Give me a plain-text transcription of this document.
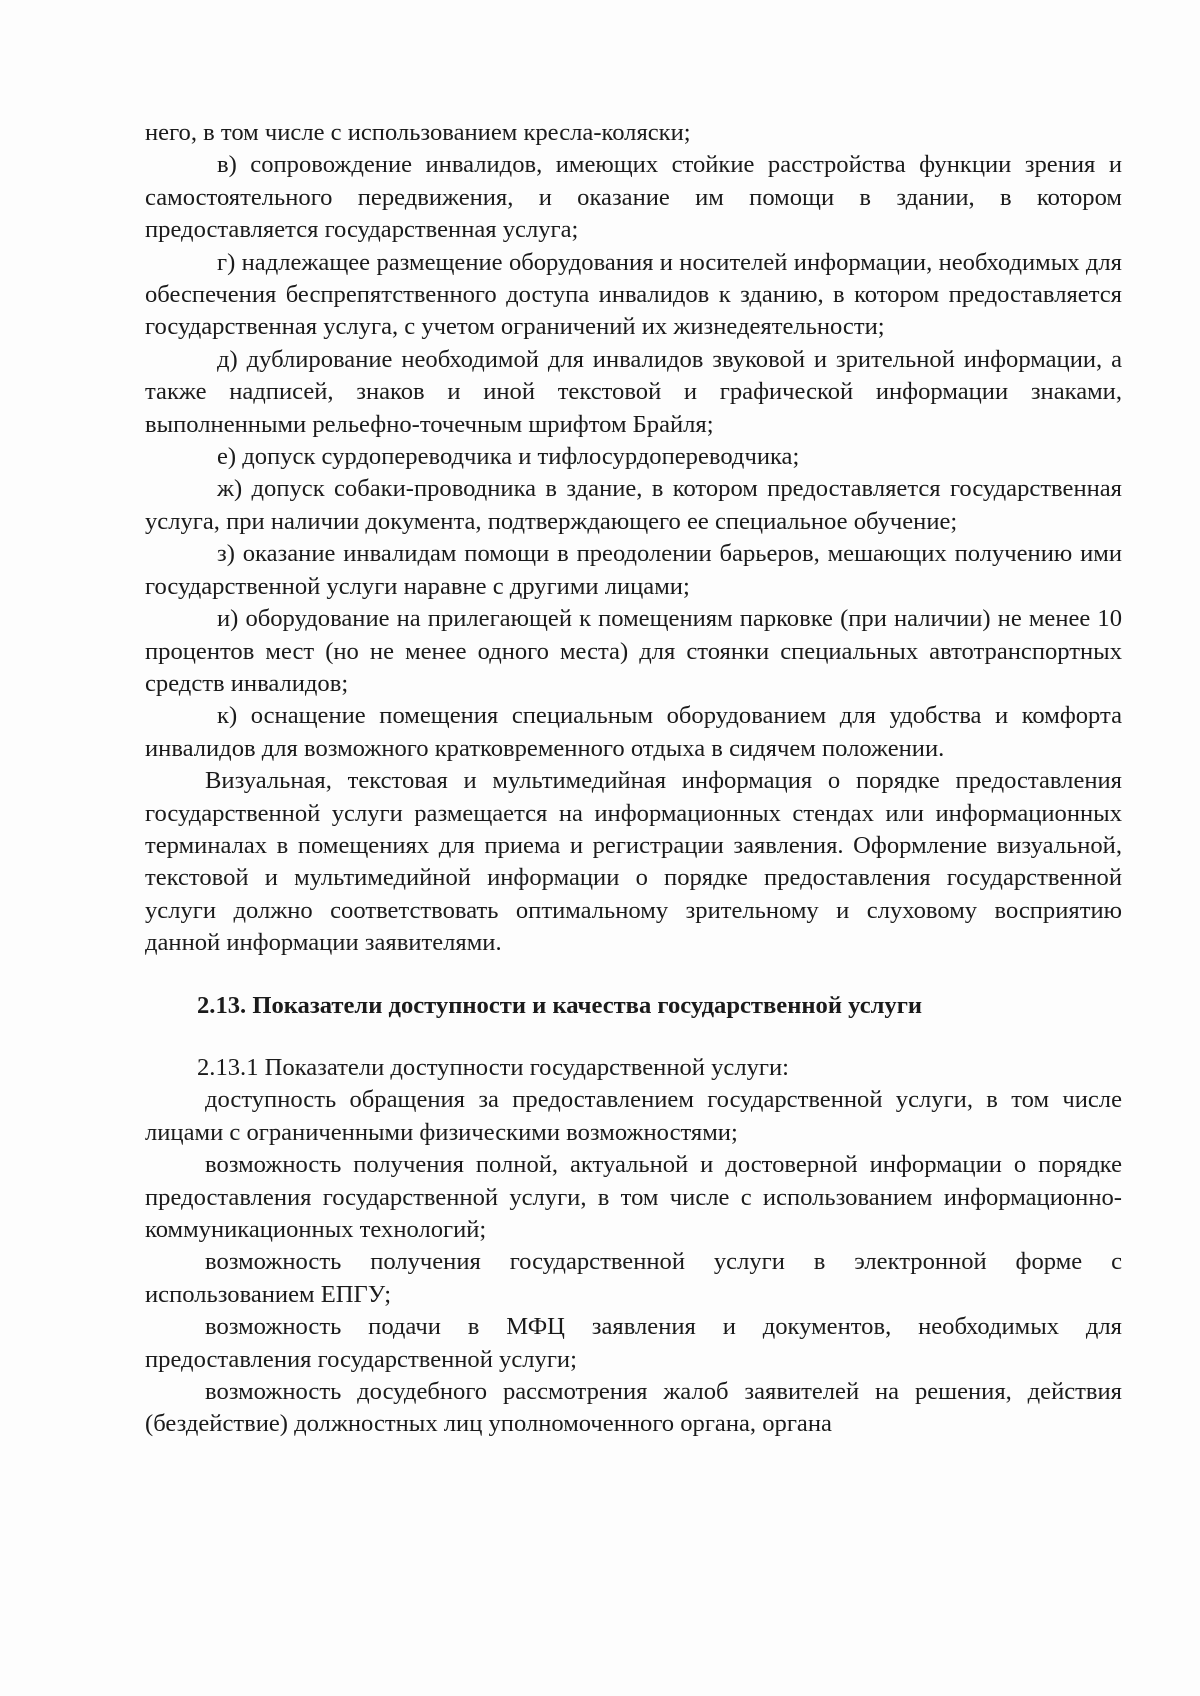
него, в том числе с использованием кресла-коляски;

в) сопровождение инвалидов, имеющих стойкие расстройства функции зрения и самостоятельного передвижения, и оказание им помощи в здании, в котором предоставляется государственная услуга;

г) надлежащее размещение оборудования и носителей информации, необходимых для обеспечения беспрепятственного доступа инвалидов к зданию, в котором предоставляется государственная услуга, с учетом ограничений их жизнедеятельности;

д) дублирование необходимой для инвалидов звуковой и зрительной информации, а также надписей, знаков и иной текстовой и графической информации знаками, выполненными рельефно-точечным шрифтом Брайля;

е) допуск сурдопереводчика и тифлосурдопереводчика;

ж) допуск собаки-проводника в здание, в котором предоставляется государственная услуга, при наличии документа, подтверждающего ее специальное обучение;

з) оказание инвалидам помощи в преодолении барьеров, мешающих получению ими государственной услуги наравне с другими лицами;

и) оборудование на прилегающей к помещениям парковке (при наличии) не менее 10 процентов мест (но не менее одного места) для стоянки специальных автотранспортных средств инвалидов;

к) оснащение помещения специальным оборудованием для удобства и комфорта инвалидов для возможного кратковременного отдыха в сидячем положении.

Визуальная, текстовая и мультимедийная информация о порядке предоставления государственной услуги размещается на информационных стендах или информационных терминалах в помещениях для приема и регистрации заявления. Оформление визуальной, текстовой и мультимедийной информации о порядке предоставления государственной услуги должно соответствовать оптимальному зрительному и слуховому восприятию данной информации заявителями.

2.13. Показатели доступности и качества государственной услуги

2.13.1 Показатели доступности государственной услуги:

доступность обращения за предоставлением государственной услуги, в том числе лицами с ограниченными физическими возможностями;

возможность получения полной, актуальной и достоверной информации о порядке предоставления государственной услуги, в том числе с использованием информационно-коммуникационных технологий;

возможность получения государственной услуги в электронной форме с использованием ЕПГУ;

возможность подачи в МФЦ заявления и документов, необходимых для предоставления государственной услуги;

возможность досудебного рассмотрения жалоб заявителей на решения, действия (бездействие) должностных лиц уполномоченного органа, органа
